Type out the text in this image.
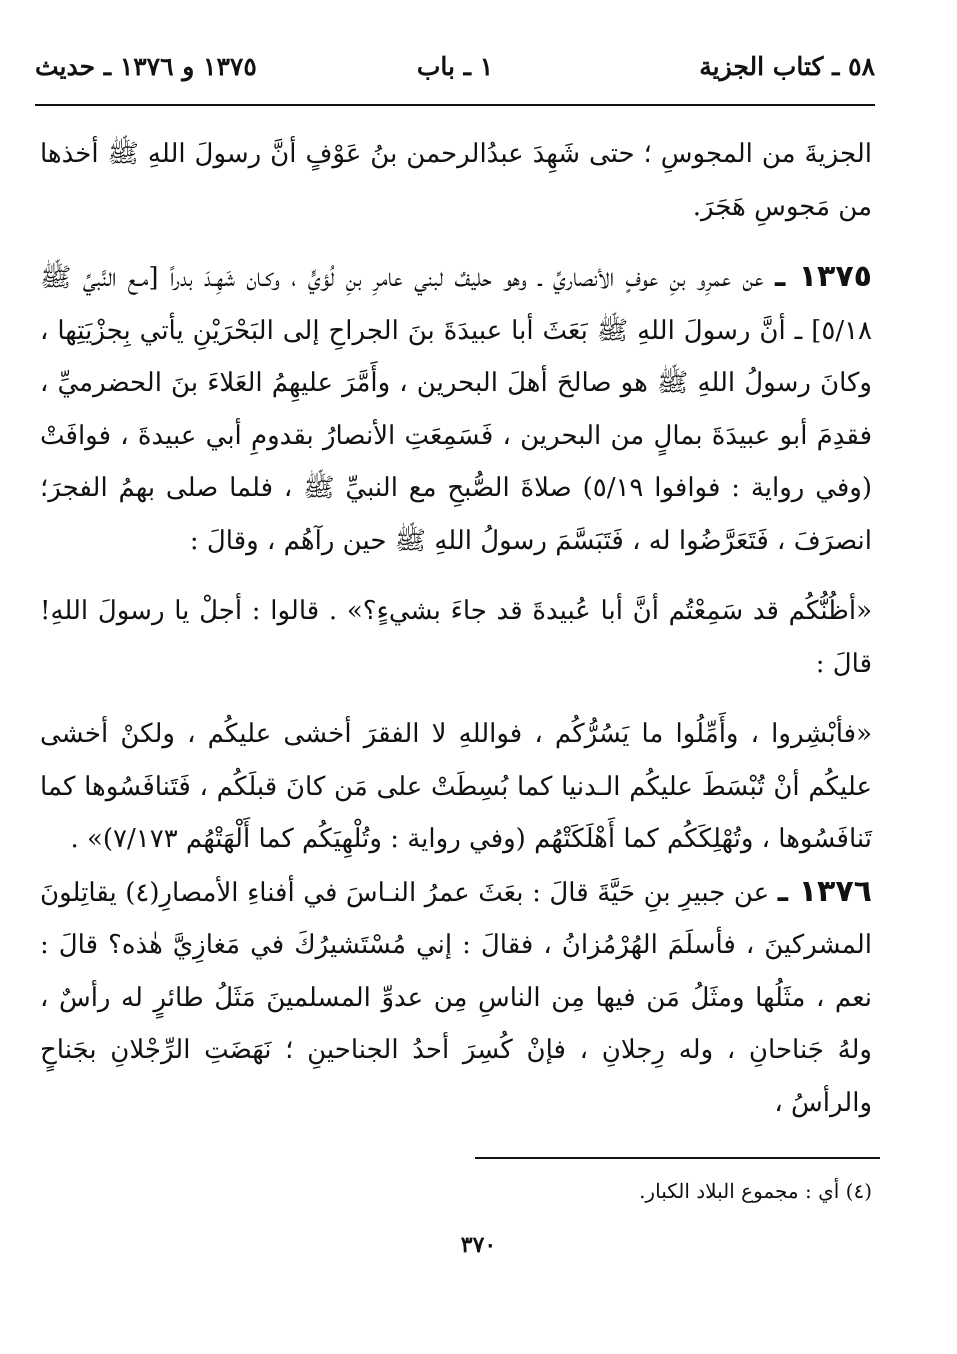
٥٨ ـ كتاب الجزية
١ ـ باب
١٣٧٥ و ١٣٧٦ ـ حديث

الجزيةَ من المجوسِ ؛ حتى شَهِدَ عبدُالرحمن بنُ عَوْفٍ أنَّ رسولَ اللهِ ﷺ أخذها من مَجوسِ هَجَرَ.

١٣٧٥ ـ عن عمرِو بنِ عوفٍ الأنصاريِّ ـ وهو حليفٌ لبني عامرِ بنِ لُؤيٍّ ، وكـان شَهِـدَ بدراً [مـع النَّبيِّ ﷺ ٥/١٨] ـ أنَّ رسولَ اللهِ ﷺ بَعَثَ أبا عبيدَةَ بنَ الجراحِ إلى البَحْرَيْنِ يأتي بِجزْيَتِها ، وكانَ رسولُ اللهِ ﷺ هو صالحَ أهلَ البحرين ، وأَمَّرَ عليهِمُ العَلاءَ بنَ الحضرميِّ ، فقدِمَ أبو عبيدَةَ بمالٍ من البحرين ، فَسَمِعَتِ الأنصارُ بقدومِ أبي عبيدةَ ، فوافَتْ (وفي رواية : فوافوا ٥/١٩) صلاةَ الصُّبحِ مع النبيِّ ﷺ ، فلما صلى بهمُ الفجرَ؛ انصرَفَ ، فَتَعَرَّضُوا له ، فَتَبَسَّمَ رسولُ اللهِ ﷺ حين رآهُم ، وقالَ :

«أظُنُّكُم قد سَمِعْتُم أنَّ أبا عُبيدةَ قد جاءَ بشيءٍ؟» . قالوا : أجلْ يا رسولَ اللهِ! قالَ :

«فأبْشِروا ، وأَمِّلُوا ما يَسُرُّكُم ، فواللهِ لا الفقرَ أخشى عليكُم ، ولكنْ أخشى عليكُم أنْ تُبْسَطَ عليكُم الـدنيا كما بُسِطَتْ على مَن كانَ قبلَكُم ، فَتَنافَسُوها كما تَنافَسُوها ، وتُهْلِكَكُم كما أَهْلَكَتْهُم (وفي رواية : وتُلْهِيَكُم كما أَلْهَتْهُم ٧/١٧٣)» .

١٣٧٦ ـ عن جبيرِ بنِ حَيَّةَ قالَ : بعَثَ عمرُ النـاسَ في أفناءِ الأمصارِ(٤) يقاتِلونَ المشركينَ ، فأسلَمَ الهُرْمُزانُ ، فقالَ : إني مُسْتَشيرُكَ في مَغازِيَّ هٰذه؟ قالَ : نعم ، مثَلُها ومثَلُ مَن فيها مِن الناسِ مِن عدوِّ المسلمينَ مَثَلُ طائرٍ له رأسٌ ، ولهُ جَناحانِ ، وله رِجلانِ ، فإنْ كُسِرَ أحدُ الجناحينِ ؛ نَهَضَتِ الرِّجْلانِ بجَناحٍ والرأسُ ،

(٤) أي : مجموع البلاد الكبار.
٣٧٠
